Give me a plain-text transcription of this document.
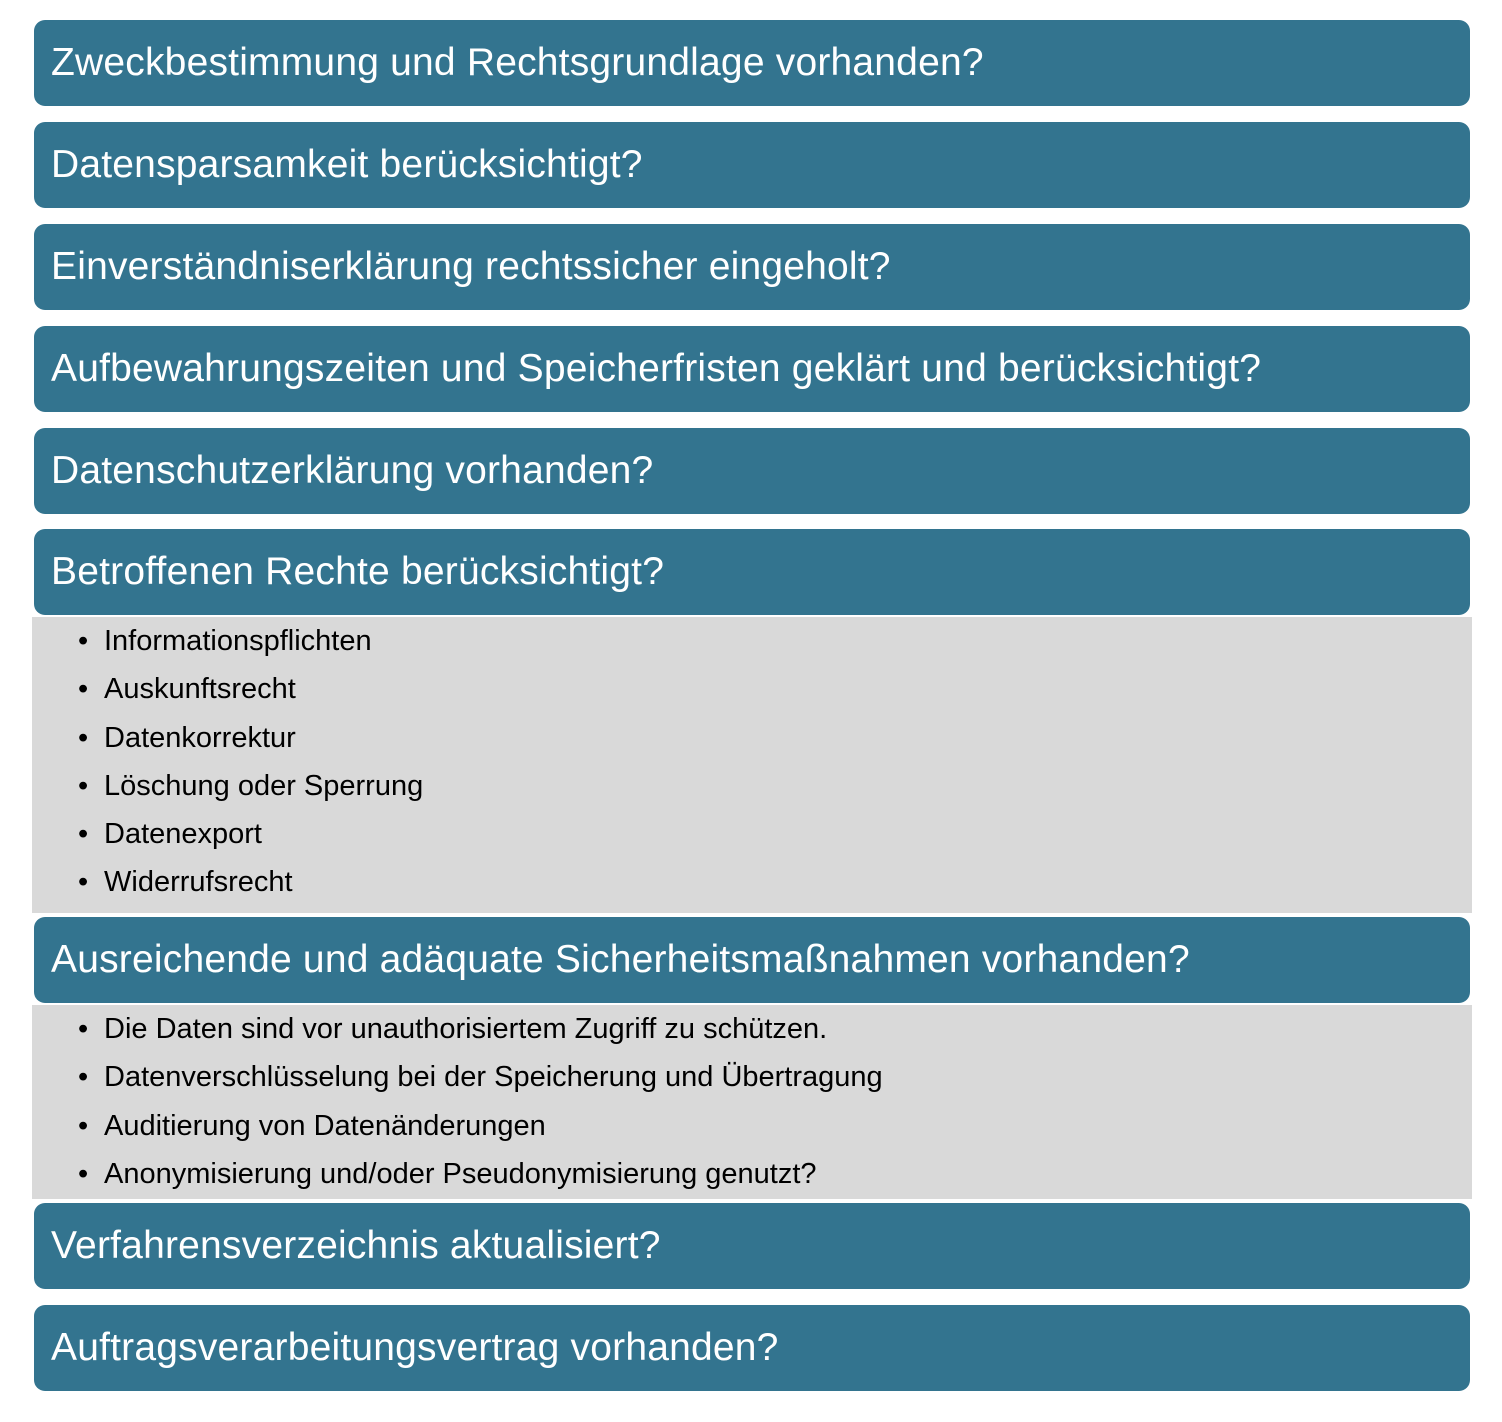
Zweckbestimmung und Rechtsgrundlage vorhanden?
Datensparsamkeit berücksichtigt?
Einverständniserklärung rechtssicher eingeholt?
Aufbewahrungszeiten und Speicherfristen geklärt und berücksichtigt?
Datenschutzerklärung vorhanden?
Betroffenen Rechte berücksichtigt?
• Informationspflichten
• Auskunftsrecht
• Datenkorrektur
• Löschung oder Sperrung
• Datenexport
• Widerrufsrecht
Ausreichende und adäquate Sicherheitsmaßnahmen vorhanden?
• Die Daten sind vor unauthorisiertem Zugriff zu schützen.
• Datenverschlüsselung bei der Speicherung und Übertragung
• Auditierung von Datenänderungen
• Anonymisierung und/oder Pseudonymisierung genutzt?
Verfahrensverzeichnis aktualisiert?
Auftragsverarbeitungsvertrag vorhanden?
